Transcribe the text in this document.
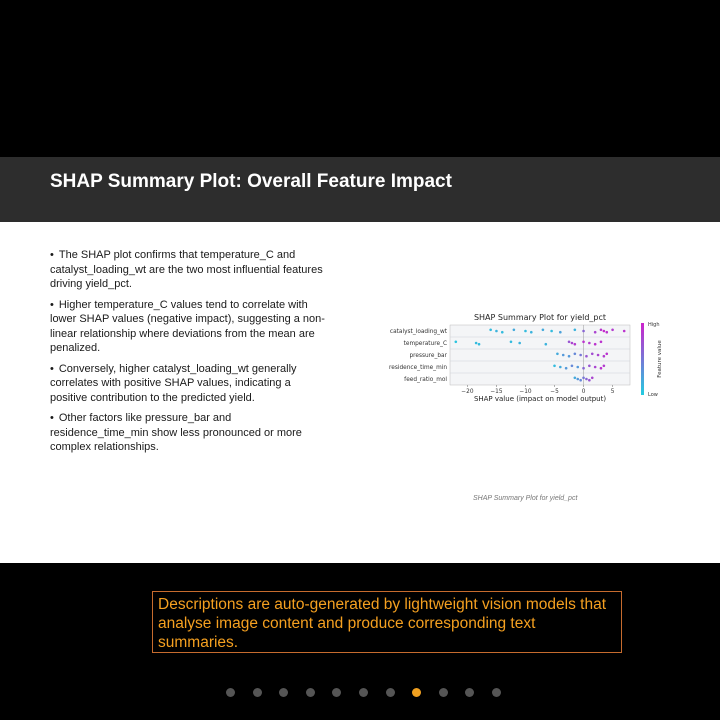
SHAP Summary Plot: Overall Feature Impact
• The SHAP plot confirms that temperature_C and catalyst_loading_wt are the two most influential features driving yield_pct.
• Higher temperature_C values tend to correlate with lower SHAP values (negative impact), suggesting a non-linear relationship where deviations from the mean are penalized.
• Conversely, higher catalyst_loading_wt generally correlates with positive SHAP values, indicating a positive contribution to the predicted yield.
• Other factors like pressure_bar and residence_time_min show less pronounced or more complex relationships.
SHAP Summary Plot for yield_pct
catalyst_loading_wt
temperature_C
pressure_bar
residence_time_min
feed_ratio_mol
−20	−15	−10	−5	0	5
SHAP value (impact on model output)
High
Low
Feature value
SHAP Summary Plot for yield_pct
Descriptions are auto-generated by lightweight vision models that analyse image content and produce corresponding text summaries.
